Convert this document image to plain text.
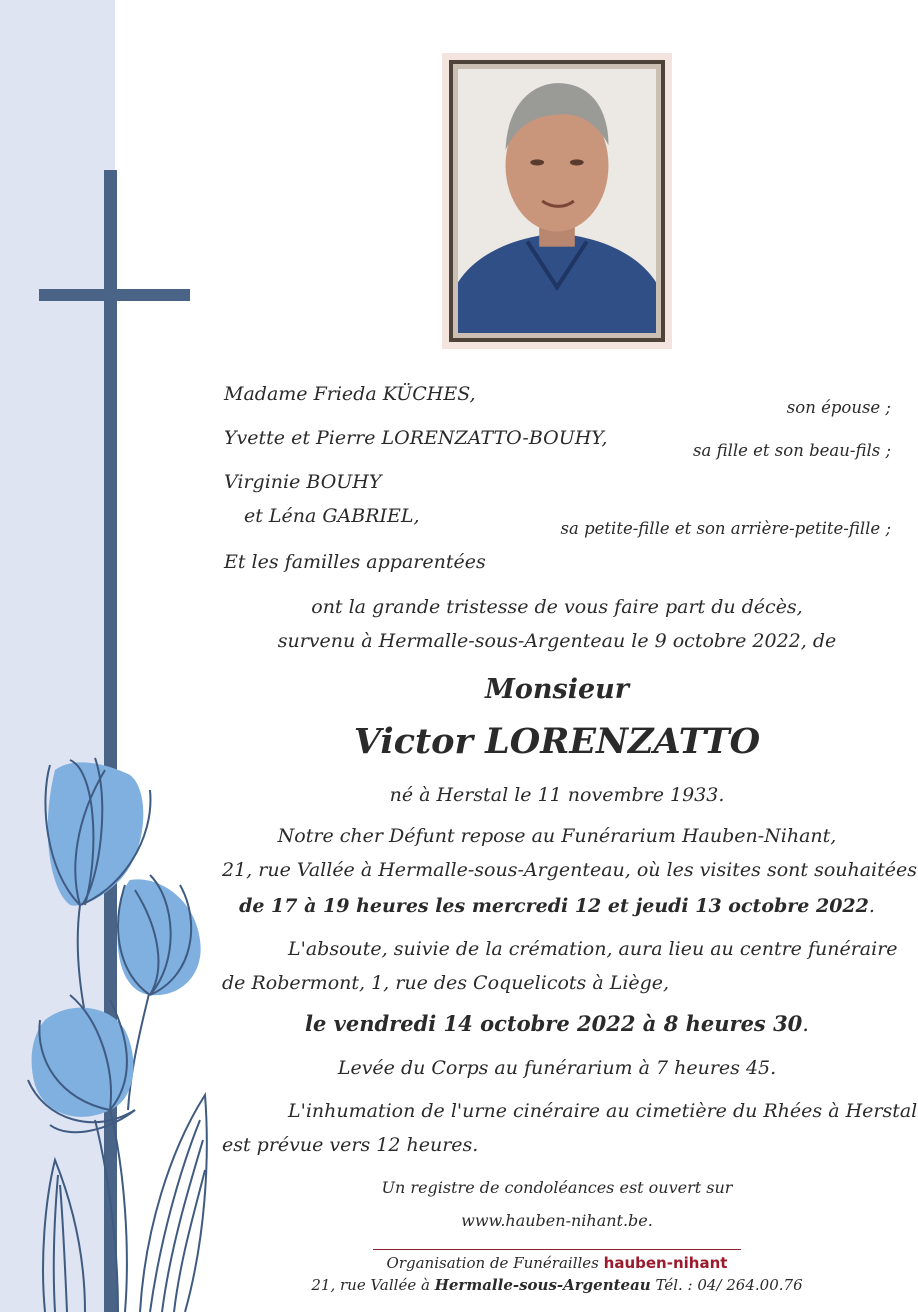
Madame Frieda KÜCHES,
son épouse ;
Yvette et Pierre LORENZATTO-BOUHY,
sa fille et son beau-fils ;
Virginie BOUHY
et Léna GABRIEL,
sa petite-fille et son arrière-petite-fille ;
Et les familles apparentées
ont la grande tristesse de vous faire part du décès,
survenu à Hermalle-sous-Argenteau le 9 octobre 2022, de
Monsieur
Victor LORENZATTO
né à Herstal le 11 novembre 1933.
Notre cher Défunt repose au Funérarium Hauben-Nihant,
21, rue Vallée à Hermalle-sous-Argenteau, où les visites sont souhaitées
de 17 à 19 heures les mercredi 12 et jeudi 13 octobre 2022.
L'absoute, suivie de la crémation, aura lieu au centre funéraire
de Robermont, 1, rue des Coquelicots à Liège,
le vendredi 14 octobre 2022 à 8 heures 30.
Levée du Corps au funérarium à 7 heures 45.
L'inhumation de l'urne cinéraire au cimetière du Rhées à Herstal
est prévue vers 12 heures.
Un registre de condoléances est ouvert sur
www.hauben-nihant.be.
Organisation de Funérailles hauben-nihant
21, rue Vallée à Hermalle-sous-Argenteau Tél. : 04/ 264.00.76
